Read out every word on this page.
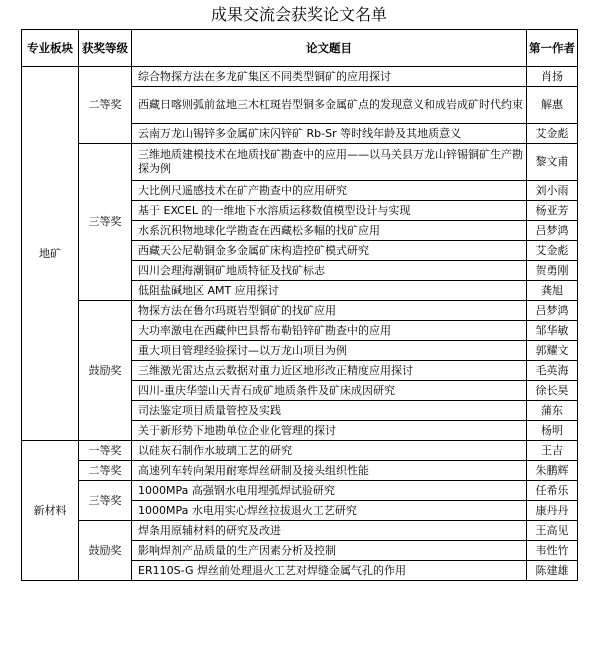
成果交流会获奖论文名单
专业板块	获奖等级	论文题目	第一作者
地矿	二等奖	综合物探方法在多龙矿集区不同类型铜矿的应用探讨	肖扬
		西藏日喀则弧前盆地三木杠斑岩型铜多金属矿点的发现意义和成岩成矿时代约束	解惠
		云南万龙山锡锌多金属矿床闪锌矿 Rb-Sr 等时线年龄及其地质意义	艾金彪
	三等奖	三维地质建模技术在地质找矿勘查中的应用——以马关县万龙山锌锡铜矿生产勘探为例	黎文甫
		大比例尺遥感技术在矿产勘查中的应用研究	刘小雨
		基于 EXCEL 的一维地下水溶质运移数值模型设计与实现	杨亚芳
		水系沉积物地球化学勘查在西藏松多幅的找矿应用	吕梦鸿
		西藏天公尼勒铜金多金属矿床构造控矿模式研究	艾金彪
		四川会理海潮铜矿地质特征及找矿标志	贺勇刚
		低阻盐碱地区 AMT 应用探讨	龚旭
	鼓励奖	物探方法在鲁尔玛斑岩型铜矿的找矿应用	吕梦鸿
		大功率激电在西藏仲巴县帮布勒铅锌矿勘查中的应用	邹华敏
		重大项目管理经验探讨—以万龙山项目为例	郭耀文
		三维激光雷达点云数据对重力近区地形改正精度应用探讨	毛英海
		四川-重庆华蓥山天青石成矿地质条件及矿床成因研究	徐长昊
		司法鉴定项目质量管控及实践	蒲东
		关于新形势下地勘单位企业化管理的探讨	杨明
新材料	一等奖	以硅灰石制作水玻璃工艺的研究	王吉
	二等奖	高速列车转向架用耐寒焊丝研制及接头组织性能	朱鹏辉
	三等奖	1000MPa 高强钢水电用埋弧焊试验研究	任希乐
		1000MPa 水电用实心焊丝拉拔退火工艺研究	康丹丹
	鼓励奖	焊条用原辅材料的研究及改进	王高见
		影响焊剂产品质量的生产因素分析及控制	韦性竹
		ER110S-G 焊丝前处理退火工艺对焊缝金属气孔的作用	陈建雄
